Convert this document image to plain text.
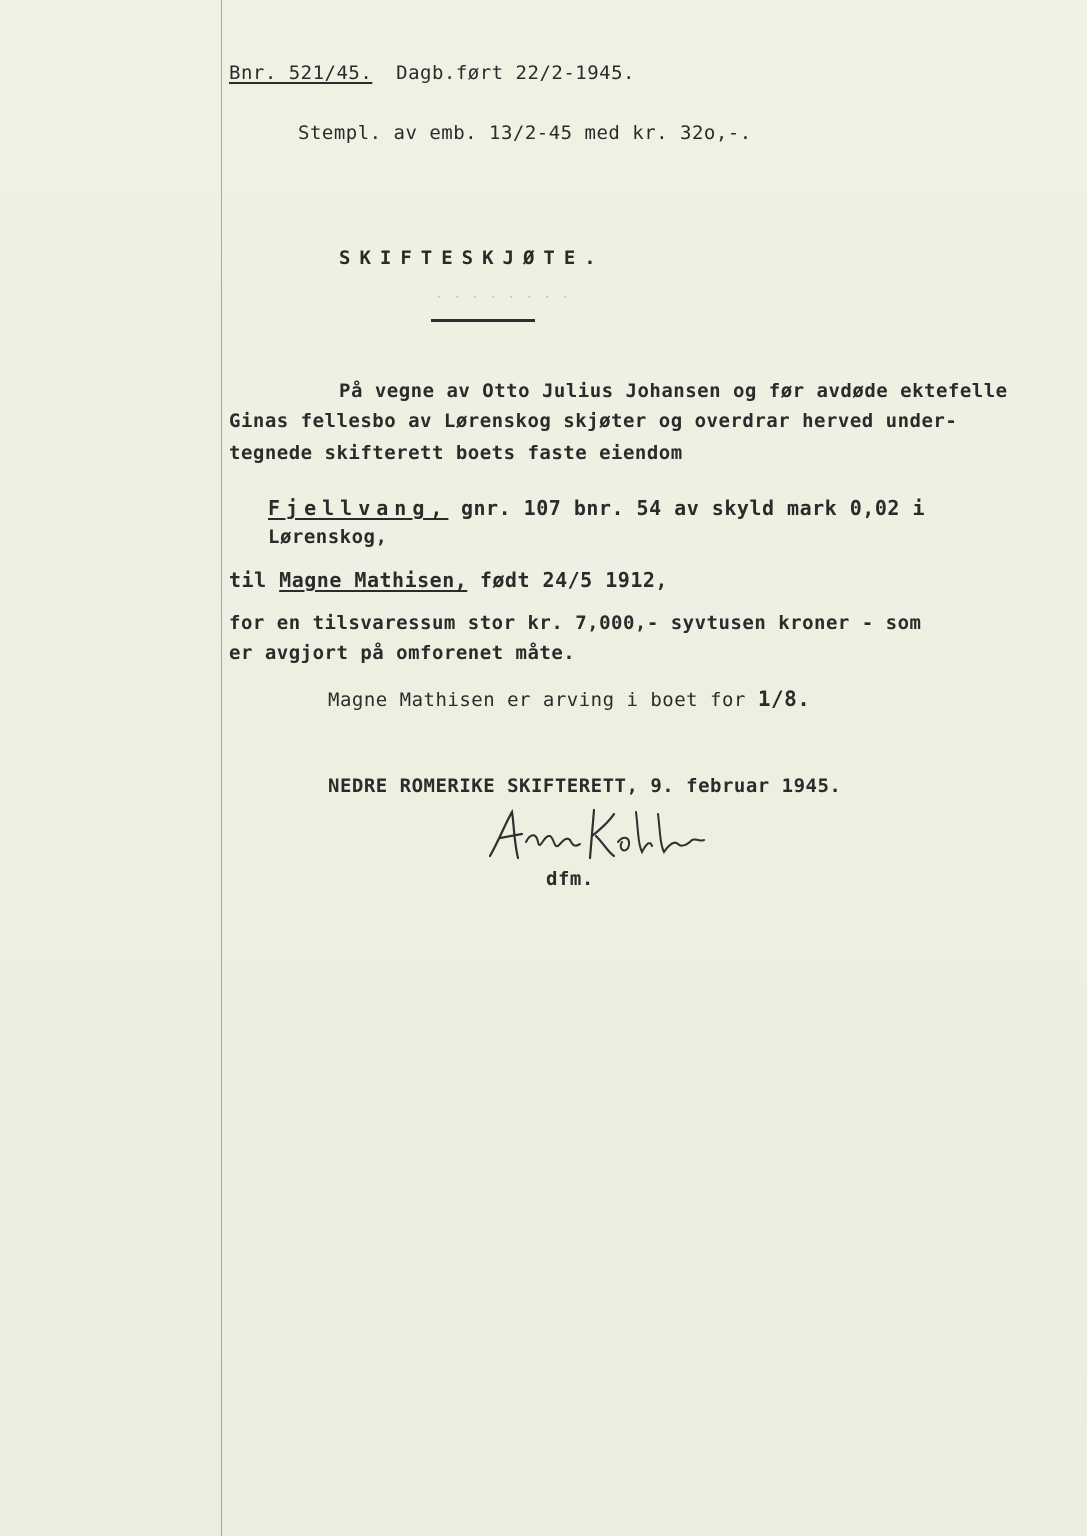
Bnr. 521/45. Dagb.ført 22/2-1945.
Stempl. av emb. 13/2-45 med kr. 32o,-.
SKIFTESKJØTE.
· · · · · · · ·
På vegne av Otto Julius Johansen og før avdøde ektefelle
Ginas fellesbo av Lørenskog skjøter og overdrar herved under-
tegnede skifterett boets faste eiendom
Fjellvang, gnr. 107 bnr. 54 av skyld mark 0,02 i
Lørenskog,
til Magne Mathisen, født 24/5 1912,
for en tilsvaressum stor kr. 7,000,- syvtusen kroner - som
er avgjort på omforenet måte.
Magne Mathisen er arving i boet for 1/8.
NEDRE ROMERIKE SKIFTERETT, 9. februar 1945.
dfm.
